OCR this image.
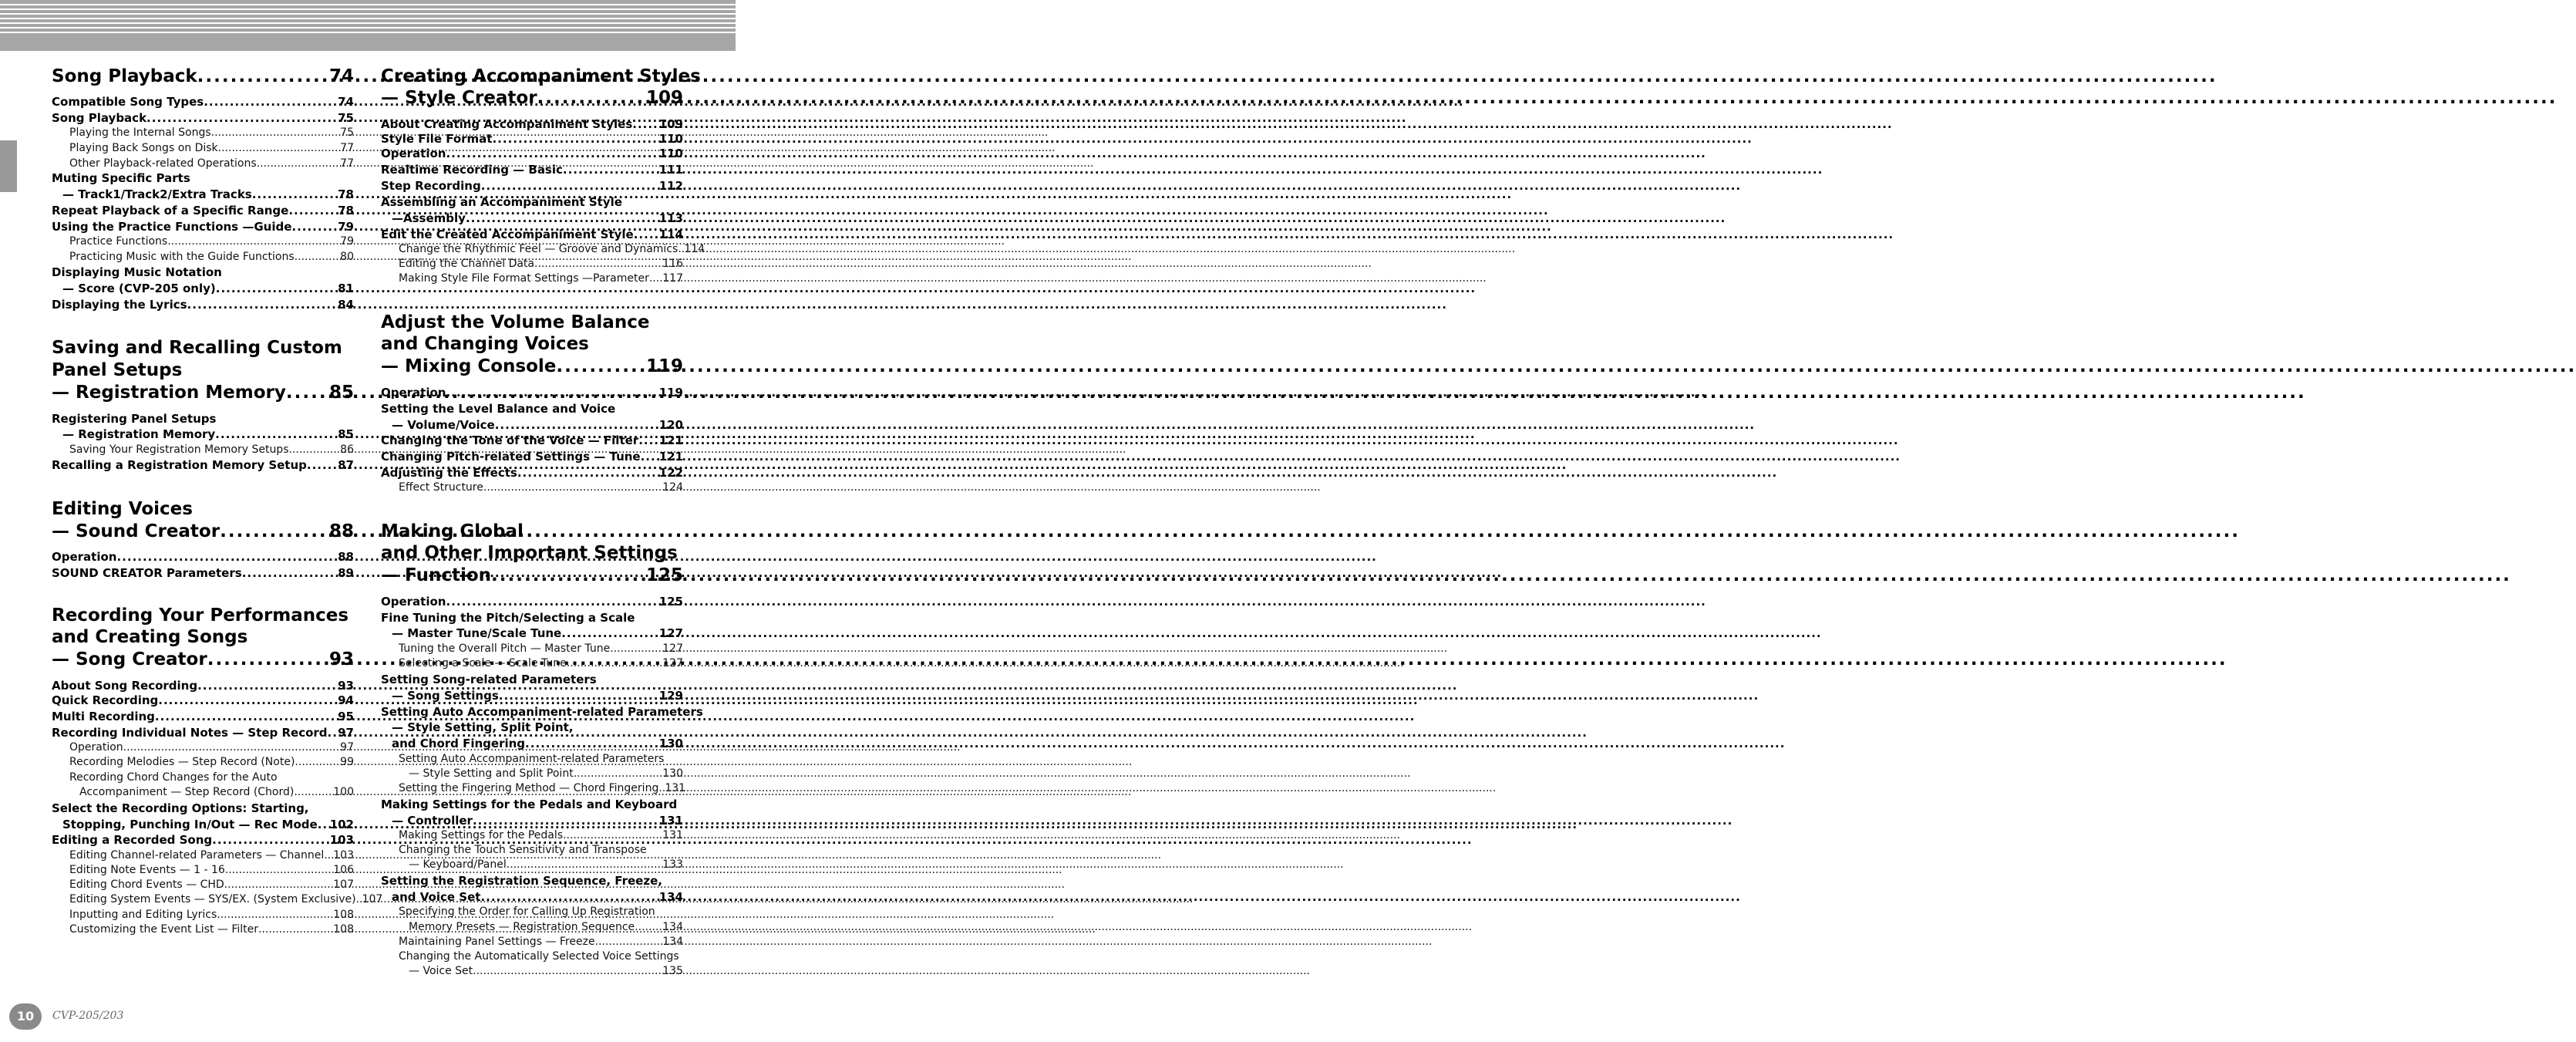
Song Playback .....	74
Compatible Song Types .....	74
Song Playback .....	75
Playing the Internal Songs .....	75
Playing Back Songs on Disk .....	77
Other Playback-related Operations .....	77
Muting Specific Parts
— Track1/Track2/Extra Tracks .....	78
Repeat Playback of a Specific Range .....	78
Using the Practice Functions —Guide .....	79
Practice Functions .....	79
Practicing Music with the Guide Functions .....	80
Displaying Music Notation
— Score (CVP-205 only) .....	81
Displaying the Lyrics .....	84
Saving and Recalling Custom
Panel Setups
— Registration Memory ..... 85
Registering Panel Setups
— Registration Memory .....	85
Saving Your Registration Memory Setups .....	86
Recalling a Registration Memory Setup .....	87
Editing Voices
— Sound Creator .....	88
Operation .....	88
SOUND CREATOR Parameters .....	89
Recording Your Performances
and Creating Songs
— Song Creator .....	93
About Song Recording .....	93
Quick Recording .....	94
Multi Recording .....	95
Recording Individual Notes — Step Record ..... 97
Operation .....	97
Recording Melodies — Step Record (Note) .....	99
Recording Chord Changes for the Auto
Accompaniment — Step Record (Chord) .....	100
Select the Recording Options: Starting,
Stopping, Punching In/Out — Rec Mode ..... 102
Editing a Recorded Song .....	103
Editing Channel-related Parameters — Channel ..... 103
Editing Note Events — 1 - 16 .....	106
Editing Chord Events — CHD. .....	107
Editing System Events — SYS/EX. (System Exclusive) ..... 107
Inputting and Editing Lyrics .....	108
Customizing the Event List — Filter .....	108
Creating Accompaniment Styles
— Style Creator .....	109
About Creating Accompaniment Styles ..... 109
Style File Format .....	110
Operation .....	110
Realtime Recording — Basic .....	111
Step Recording .....	112
Assembling an Accompaniment Style
—Assembly .....	113
Edit the Created Accompaniment Style ..... 114
Change the Rhythmic Feel — Groove and Dynamics ..... 114
Editing the Channel Data .....	116
Making Style File Format Settings —Parameter ..... 117
Adjust the Volume Balance
and Changing Voices
— Mixing Console .....	119
Operation .....	119
Setting the Level Balance and Voice
— Volume/Voice .....	120
Changing the Tone of the Voice — Filter ..... 121
Changing Pitch-related Settings — Tune ..... 121
Adjusting the Effects .....	122
Effect Structure .....	124
Making Global
and Other Important Settings
— Function .....	125
Operation .....	125
Fine Tuning the Pitch/Selecting a Scale
— Master Tune/Scale Tune .....	127
Tuning the Overall Pitch — Master Tune .....	127
Selecting a Scale — Scale Tune .....	127
Setting Song-related Parameters
— Song Settings .....	129
Setting Auto Accompaniment-related Parameters
— Style Setting, Split Point,
and Chord Fingering .....	130
Setting Auto Accompaniment-related Parameters
— Style Setting and Split Point .....	130
Setting the Fingering Method — Chord Fingering ..... 131
Making Settings for the Pedals and Keyboard
— Controller .....	131
Making Settings for the Pedals .....	131
Changing the Touch Sensitivity and Transpose
— Keyboard/Panel .....	133
Setting the Registration Sequence, Freeze,
and Voice Set .....	134
Specifying the Order for Calling Up Registration
Memory Presets — Registration Sequence .....	134
Maintaining Panel Settings — Freeze .....	134
Changing the Automatically Selected Voice Settings
— Voice Set .....	135
10	CVP-205/203
